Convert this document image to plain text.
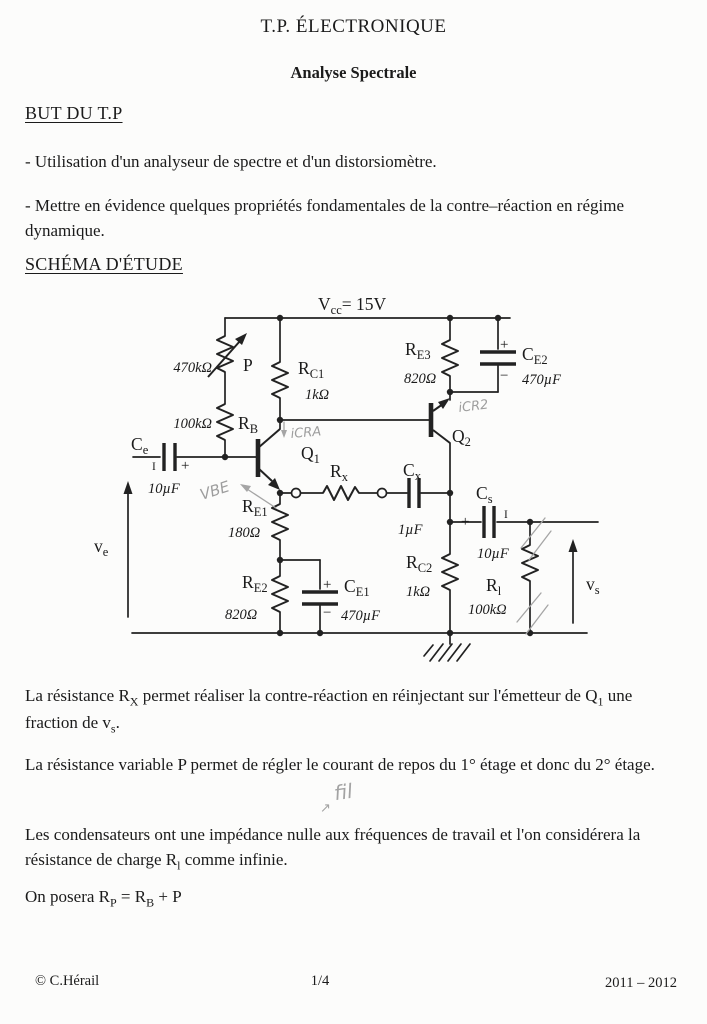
T.P. ÉLECTRONIQUE
Analyse Spectrale
BUT DU T.P
- Utilisation d'un analyseur de spectre et d'un distorsiomètre.
- Mettre en évidence quelques propriétés fondamentales de la contre–réaction en régime dynamique.
SCHÉMA D'ÉTUDE
$V_{cc}= 15V$
470kΩ P
100kΩ $R_B$
$R_{C1}$
1kΩ
$C_e$
I +
10µF
$Q_1$
$R_{E1}$
180Ω
$R_{E2}$
820Ω
+ $C_{E1}$
− 470µF
$R_x$	$C_x$
1µF
$Q_2$
$R_{E3}$
820Ω
+ $C_{E2}$
− 470µF
$R_{C2}$
1kΩ
$C_s$
+	I
10µF
$R_l$
100kΩ
$v_e$
$v_s$
iCRA
iCR2
VBE
La résistance $R_X$ permet réaliser la contre-réaction en réinjectant sur l'émetteur de $Q_1$ une fraction de $v_s$.
La résistance variable P permet de régler le courant de repos du 1° étage et donc du 2° étage.
Les condensateurs ont une impédance nulle aux fréquences de travail et l'on considérera la résistance de charge $R_l$ comme infinie.
On posera $R_P = R_B + P$
fil
↗
© C.Hérail	1/4	2011 – 2012
